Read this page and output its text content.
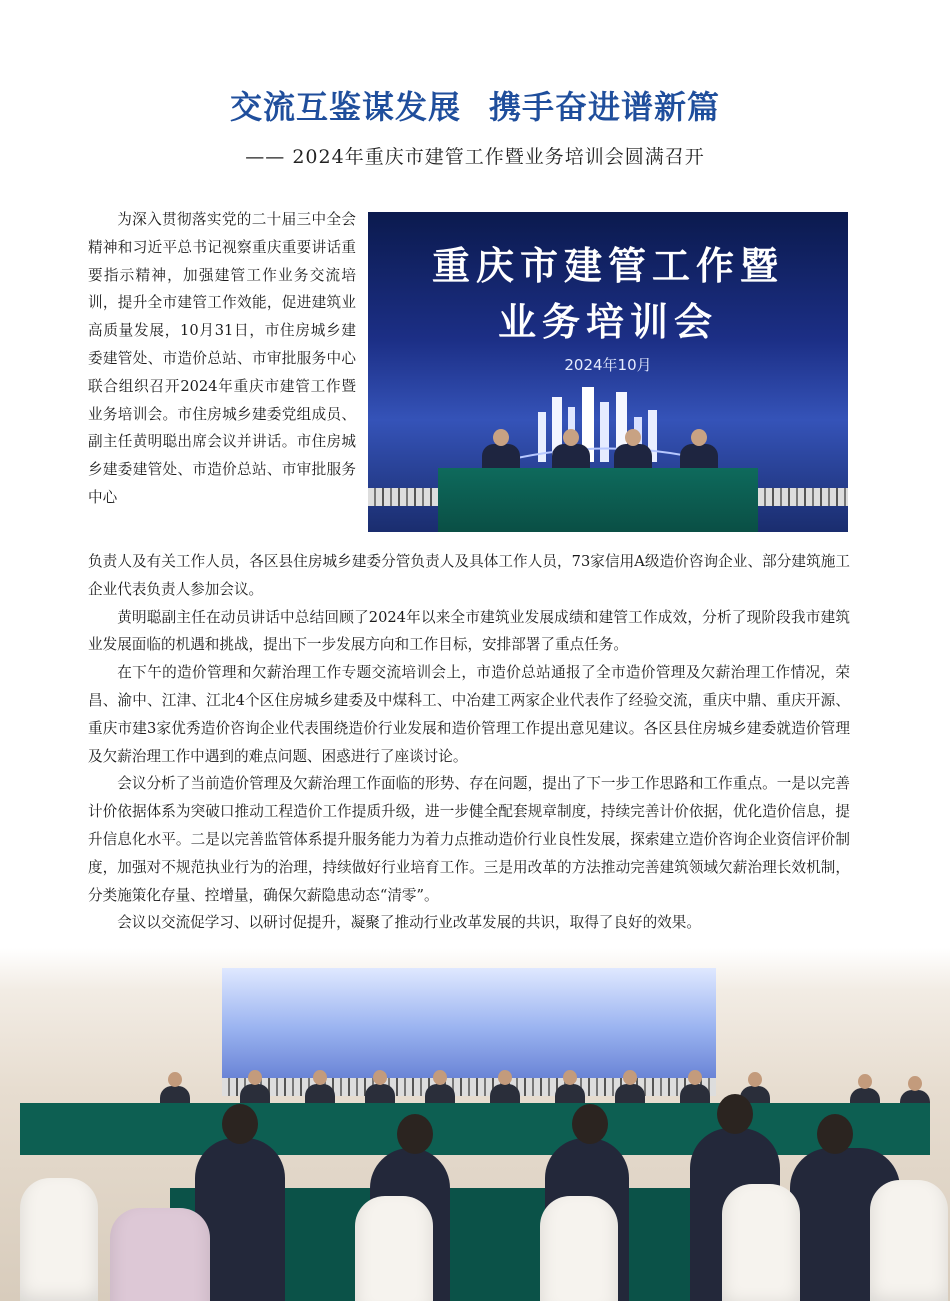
交流互鉴谋发展 携手奋进谱新篇
—— 2024年重庆市建管工作暨业务培训会圆满召开
重庆市建管工作暨
业务培训会
2024年10月
为深入贯彻落实党的二十届三中全会精神和习近平总书记视察重庆重要讲话重要指示精神，加强建管工作业务交流培训，提升全市建管工作效能，促进建筑业高质量发展，10月31日，市住房城乡建委建管处、市造价总站、市审批服务中心联合组织召开2024年重庆市建管工作暨业务培训会。市住房城乡建委党组成员、副主任黄明聪出席会议并讲话。市住房城乡建委建管处、市造价总站、市审批服务中心

负责人及有关工作人员，各区县住房城乡建委分管负责人及具体工作人员，73家信用A级造价咨询企业、部分建筑施工企业代表负责人参加会议。

黄明聪副主任在动员讲话中总结回顾了2024年以来全市建筑业发展成绩和建管工作成效，分析了现阶段我市建筑业发展面临的机遇和挑战，提出下一步发展方向和工作目标，安排部署了重点任务。

在下午的造价管理和欠薪治理工作专题交流培训会上，市造价总站通报了全市造价管理及欠薪治理工作情况，荣昌、渝中、江津、江北4个区住房城乡建委及中煤科工、中冶建工两家企业代表作了经验交流，重庆中鼎、重庆开源、重庆市建3家优秀造价咨询企业代表围绕造价行业发展和造价管理工作提出意见建议。各区县住房城乡建委就造价管理及欠薪治理工作中遇到的难点问题、困惑进行了座谈讨论。

会议分析了当前造价管理及欠薪治理工作面临的形势、存在问题，提出了下一步工作思路和工作重点。一是以完善计价依据体系为突破口推动工程造价工作提质升级，进一步健全配套规章制度，持续完善计价依据，优化造价信息，提升信息化水平。二是以完善监管体系提升服务能力为着力点推动造价行业良性发展，探索建立造价咨询企业资信评价制度，加强对不规范执业行为的治理，持续做好行业培育工作。三是用改革的方法推动完善建筑领域欠薪治理长效机制，分类施策化存量、控增量，确保欠薪隐患动态“清零”。

会议以交流促学习、以研讨促提升，凝聚了推动行业改革发展的共识，取得了良好的效果。
